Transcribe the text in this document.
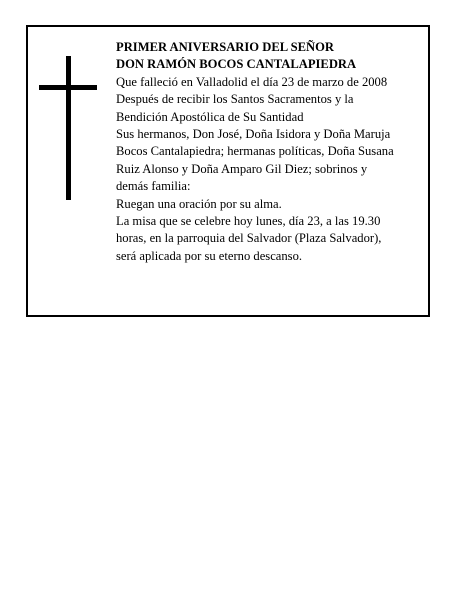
PRIMER ANIVERSARIO DEL SEÑOR
DON RAMÓN BOCOS CANTALAPIEDRA
Que falleció en Valladolid el día 23 de marzo de 2008
Después de recibir los Santos Sacramentos y la
Bendición Apostólica de Su Santidad
Sus hermanos, Don José, Doña Isidora y Doña Maruja
Bocos Cantalapiedra; hermanas políticas, Doña Susana
Ruiz Alonso y Doña Amparo Gil Diez; sobrinos y
demás familia:
Ruegan una oración por su alma.
La misa que se celebre hoy lunes, día 23, a las 19.30
horas, en la parroquia del Salvador (Plaza Salvador),
será aplicada por su eterno descanso.
